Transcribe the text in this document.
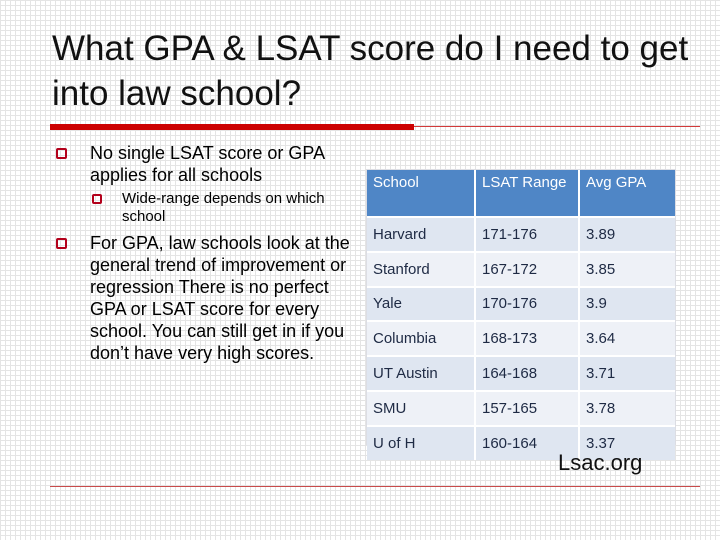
What GPA & LSAT score do I need to get into law school?
No single LSAT score or GPA applies for all schools
Wide-range depends on which school
For GPA, law schools look at the general trend of improvement or regression There is no perfect GPA or LSAT score for every school. You can still get in if you don’t have very high scores.
School	LSAT Range	Avg GPA
Harvard	171-176	3.89
Stanford	167-172	3.85
Yale	170-176	3.9
Columbia	168-173	3.64
UT Austin	164-168	3.71
SMU	157-165	3.78
U of H	160-164	3.37
Lsac.org
